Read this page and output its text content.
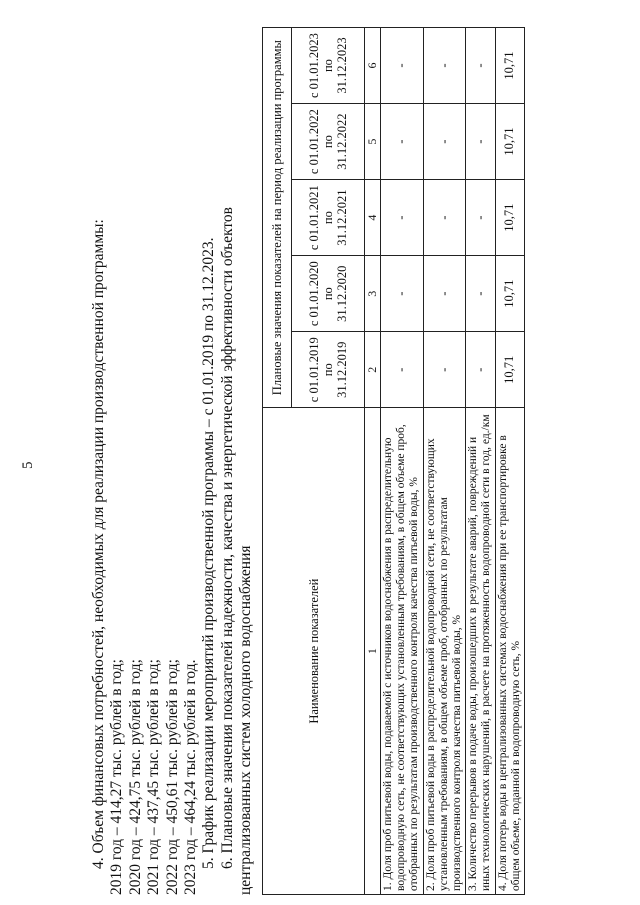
5	4. Объем финансовых потребностей, необходимых для реализации производственной программы: 2019 год – 414,27 тыс. рублей в год; 2020 год – 424,75 тыс. рублей в год; 2021 год – 437,45 тыс. рублей в год; 2022 год – 450,61 тыс. рублей в год; 2023 год – 464,24 тыс. рублей в год. 5. График реализации мероприятий производственной программы – с 01.01.2019 по 31.12.2023. 6. Плановые значения показателей надежности, качества и энергетической эффективности объектов централизованных систем холодного водоснабжения	Наименование показателей	Плановые значения показателей на период реализации программы				
	с 01.01.2019 по 31.12.2019	с 01.01.2020 по 31.12.2020	с 01.01.2021 по 31.12.2021	с 01.01.2022 по 31.12.2022	с 01.01.2023 по 31.12.2023
1	2	3	4	5	6
1. Доля проб питьевой воды, подаваемой с источников водоснабжения в распределительную водопроводную сеть, не соответствующих установленным требованиям, в общем объеме проб, отобранных по результатам производственного контроля качества питьевой воды, %	-	-	-	-	-
2. Доля проб питьевой воды в распределительной водопроводной сети, не соответствующих установленным требованиям, в общем объеме проб, отобранных по результатам производственного контроля качества питьевой воды, %	-	-	-	-	-
3. Количество перерывов в подаче воды, произошедших в результате аварий, повреждений и иных технологических нарушений, в расчете на протяженность водопроводной сети в год, ед./км	-	-	-	-	-
4. Доля потерь воды в централизованных системах водоснабжения при ее транспортировке в общем объеме, поданной в водопроводную сеть, %	10,71	10,71	10,71	10,71	10,71
